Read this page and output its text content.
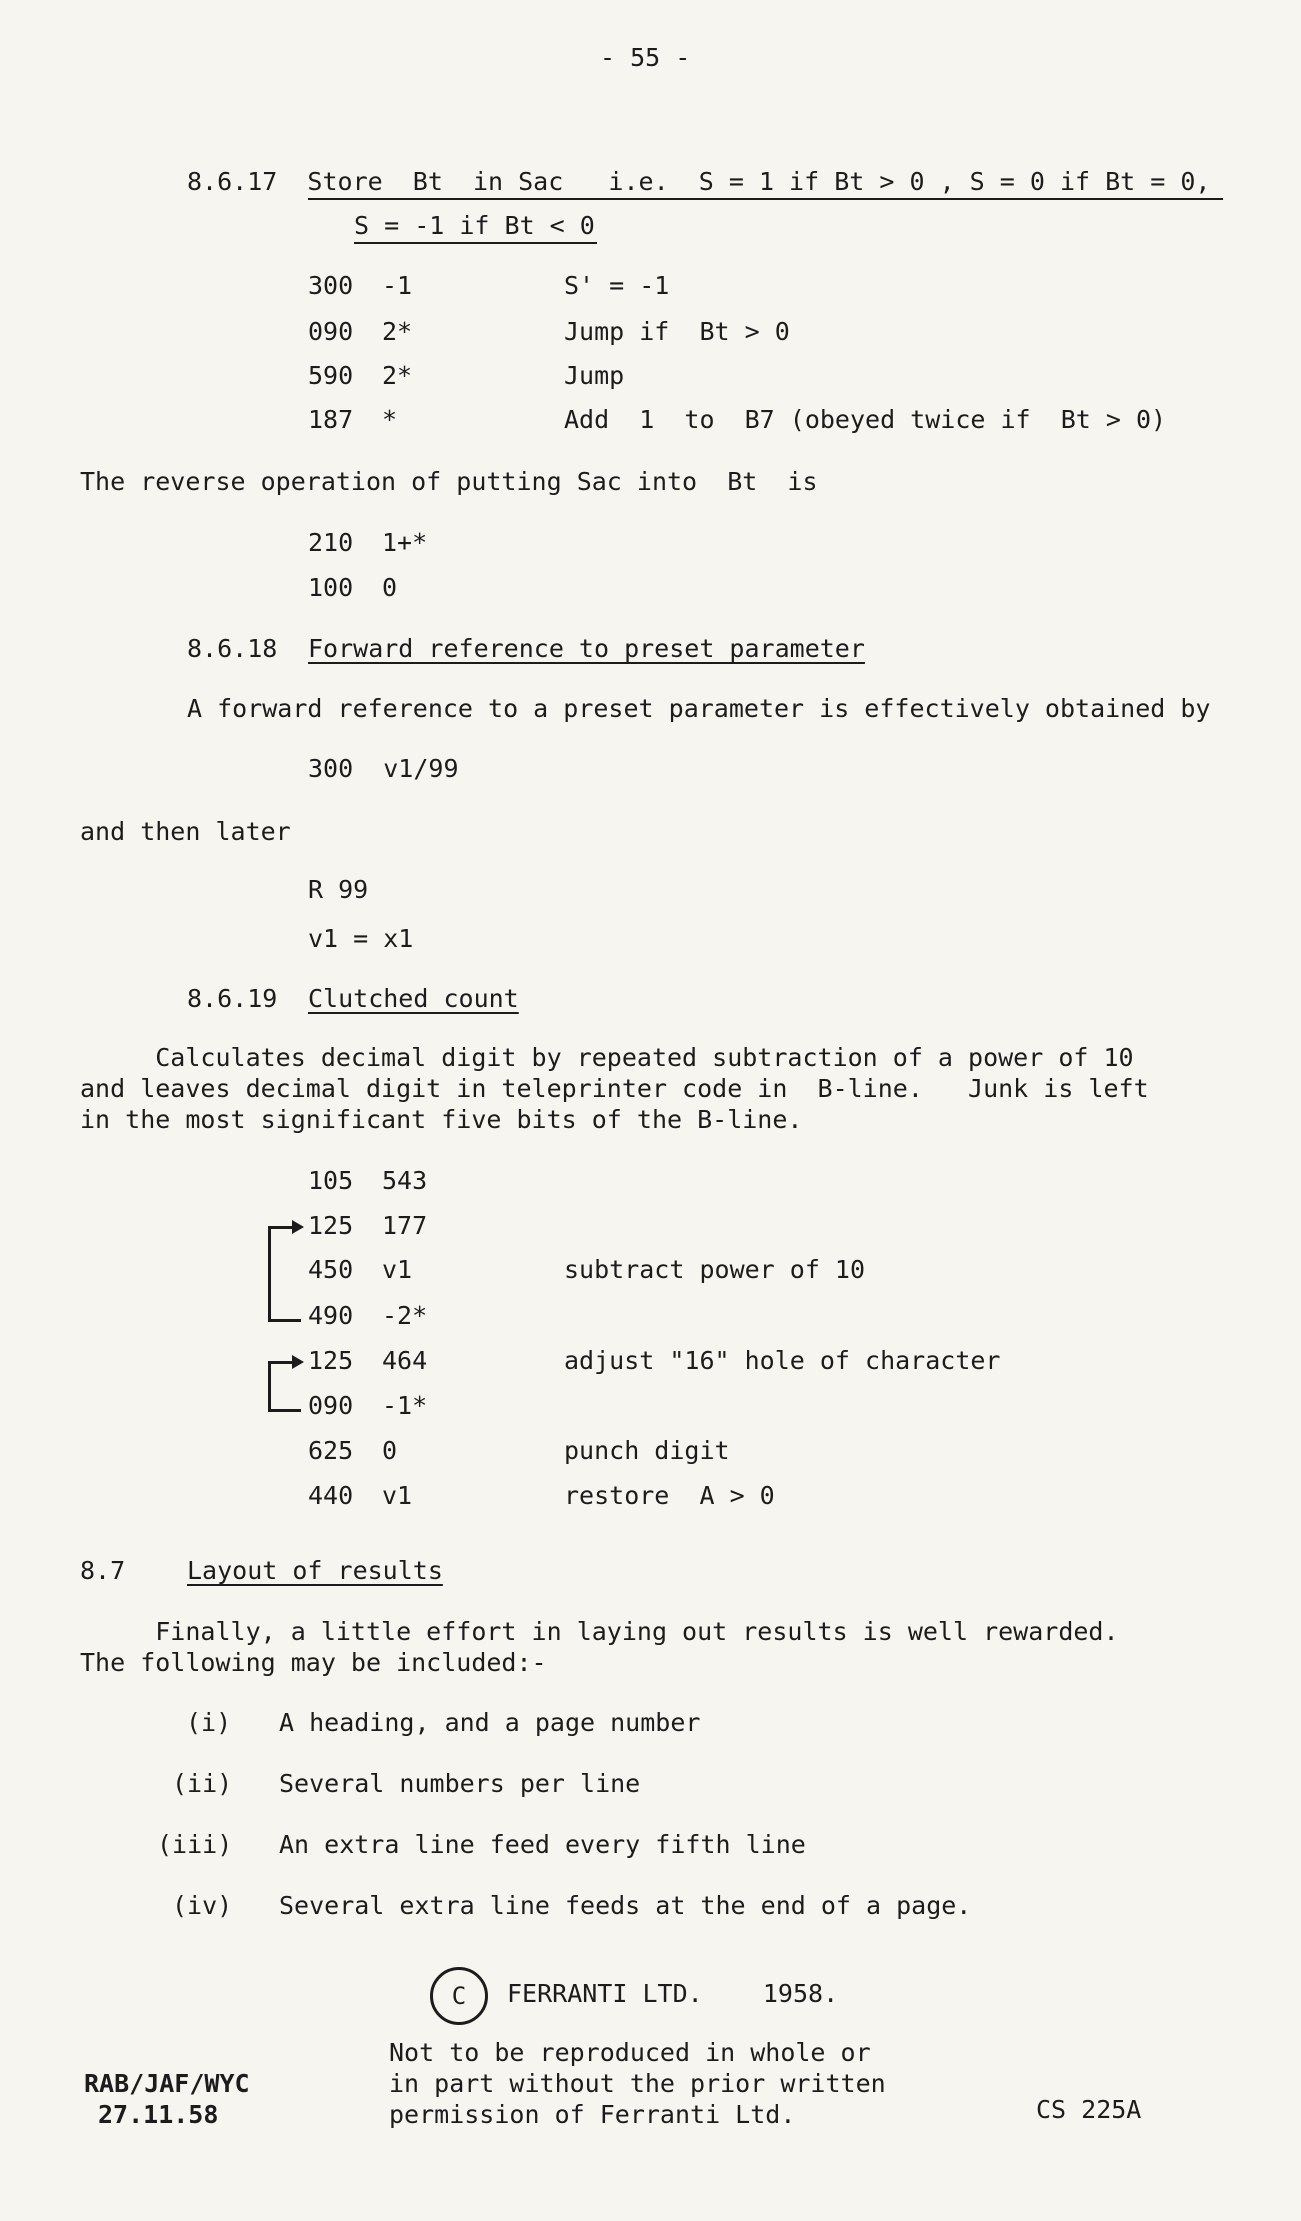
- 55 -
8.6.17  Store  Bt  in Sac   i.e.  S = 1 if Bt > 0 , S = 0 if Bt = 0,
S = -1 if Bt < 0
300 -1	S' = -1
090 2*	Jump if  Bt > 0
590 2*	Jump
187 *	Add  1  to  B7 (obeyed twice if  Bt > 0)
The reverse operation of putting Sac into  Bt  is
210 1+*
100 0
8.6.18 Forward reference to preset parameter
A forward reference to a preset parameter is effectively obtained by
300  v1/99
and then later
R 99
v1 = x1
8.6.19 Clutched count
Calculates decimal digit by repeated subtraction of a power of 10
and leaves decimal digit in teleprinter code in  B-line.   Junk is left
in the most significant five bits of the B-line.
105 543
125 177
450 v1	subtract power of 10
490 -2*
125 464	adjust "16" hole of character
090 -1*
625 0	punch digit
440 v1	restore  A > 0
8.7 Layout of results
Finally, a little effort in laying out results is well rewarded.
The following may be included:-
(i) A heading, and a page number
(ii) Several numbers per line
(iii) An extra line feed every fifth line
(iv) Several extra line feeds at the end of a page.
C	FERRANTI LTD.    1958.
Not to be reproduced in whole or
in part without the prior written
permission of Ferranti Ltd.
RAB/JAF/WYC
27.11.58	CS 225A
